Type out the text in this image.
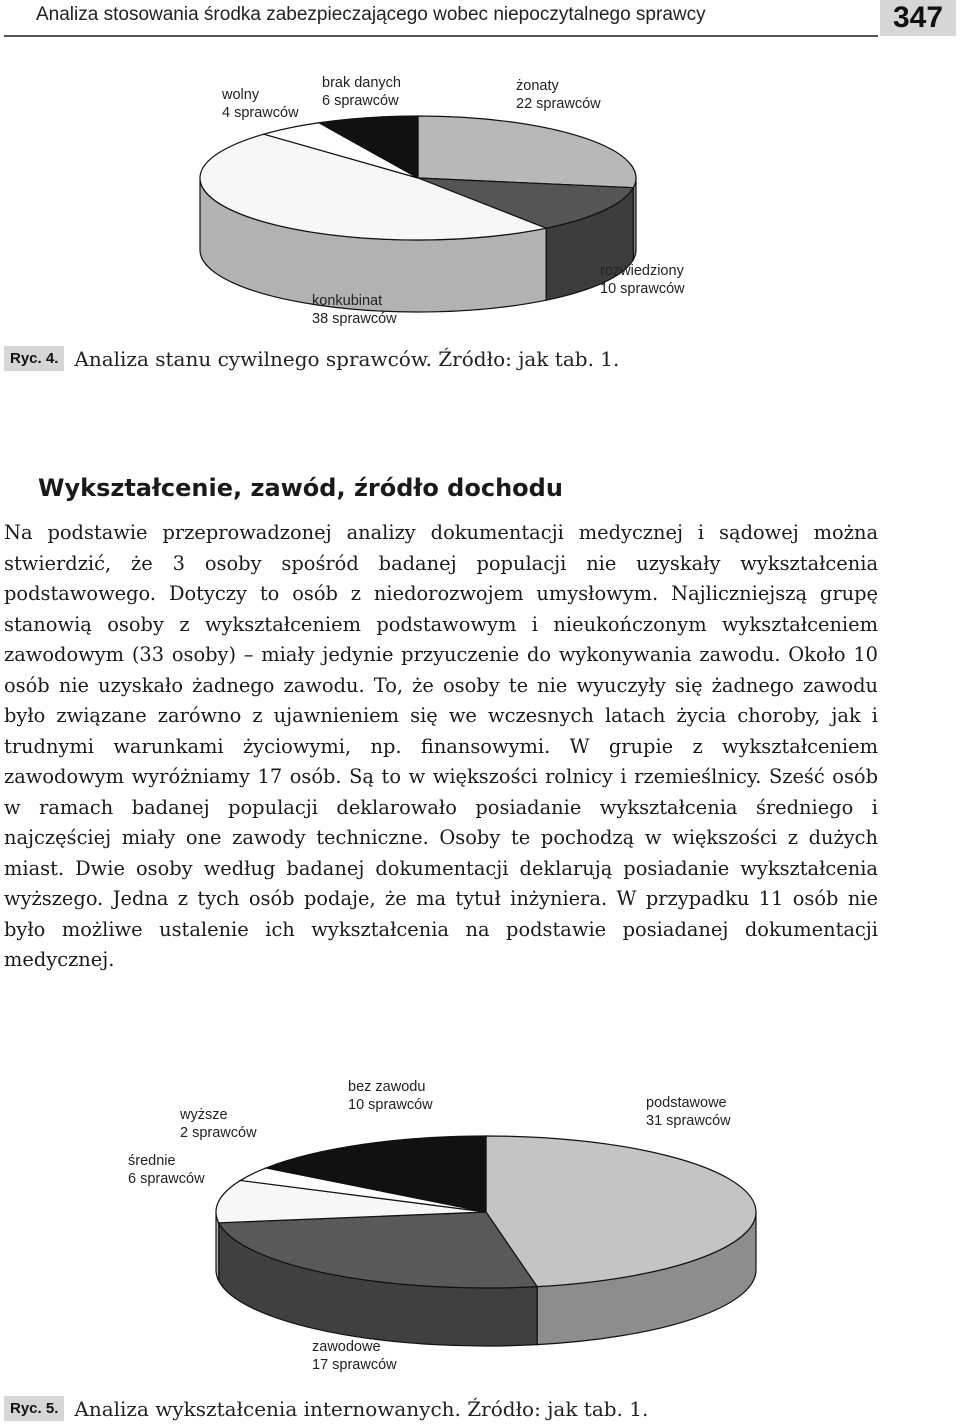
Analiza stosowania środka zabezpieczającego wobec niepoczytalnego sprawcy	347
wolny
4 sprawców
brak danych
6 sprawców
żonaty
22 sprawców
rozwiedziony
10 sprawców
konkubinat
38 sprawców
Ryc. 4. Analiza stanu cywilnego sprawców. Źródło: jak tab. 1.
Wykształcenie, zawód, źródło dochodu

Na podstawie przeprowadzonej analizy dokumentacji medycznej i sądowej można stwierdzić, że 3 osoby spośród badanej populacji nie uzyskały wykształcenia podstawowego. Dotyczy to osób z niedorozwojem umysłowym. Najliczniejszą grupę stanowią osoby z wykształceniem podstawowym i nieukończonym wykształceniem zawodowym (33 osoby) – miały jedynie przyuczenie do wykonywania zawodu. Około 10 osób nie uzyskało żadnego zawodu. To, że osoby te nie wyuczyły się żadnego zawodu było związane zarówno z ujawnieniem się we wczesnych latach życia choroby, jak i trudnymi warunkami życiowymi, np. finansowymi. W grupie z wykształceniem zawodowym wyróżniamy 17 osób. Są to w większości rolnicy i rzemieślnicy. Sześć osób w ramach badanej populacji deklarowało posiadanie wykształcenia średniego i najczęściej miały one zawody techniczne. Osoby te pochodzą w większości z dużych miast. Dwie osoby według badanej dokumentacji deklarują posiadanie wykształcenia wyższego. Jedna z tych osób podaje, że ma tytuł inżyniera. W przypadku 11 osób nie było możliwe ustalenie ich wykształcenia na podstawie posiadanej dokumentacji medycznej.

wyższe
2 sprawców
bez zawodu
10 sprawców	podstawowe
31 sprawców
średnie
6 sprawców
zawodowe
17 sprawców
Ryc. 5. Analiza wykształcenia internowanych. Źródło: jak tab. 1.
